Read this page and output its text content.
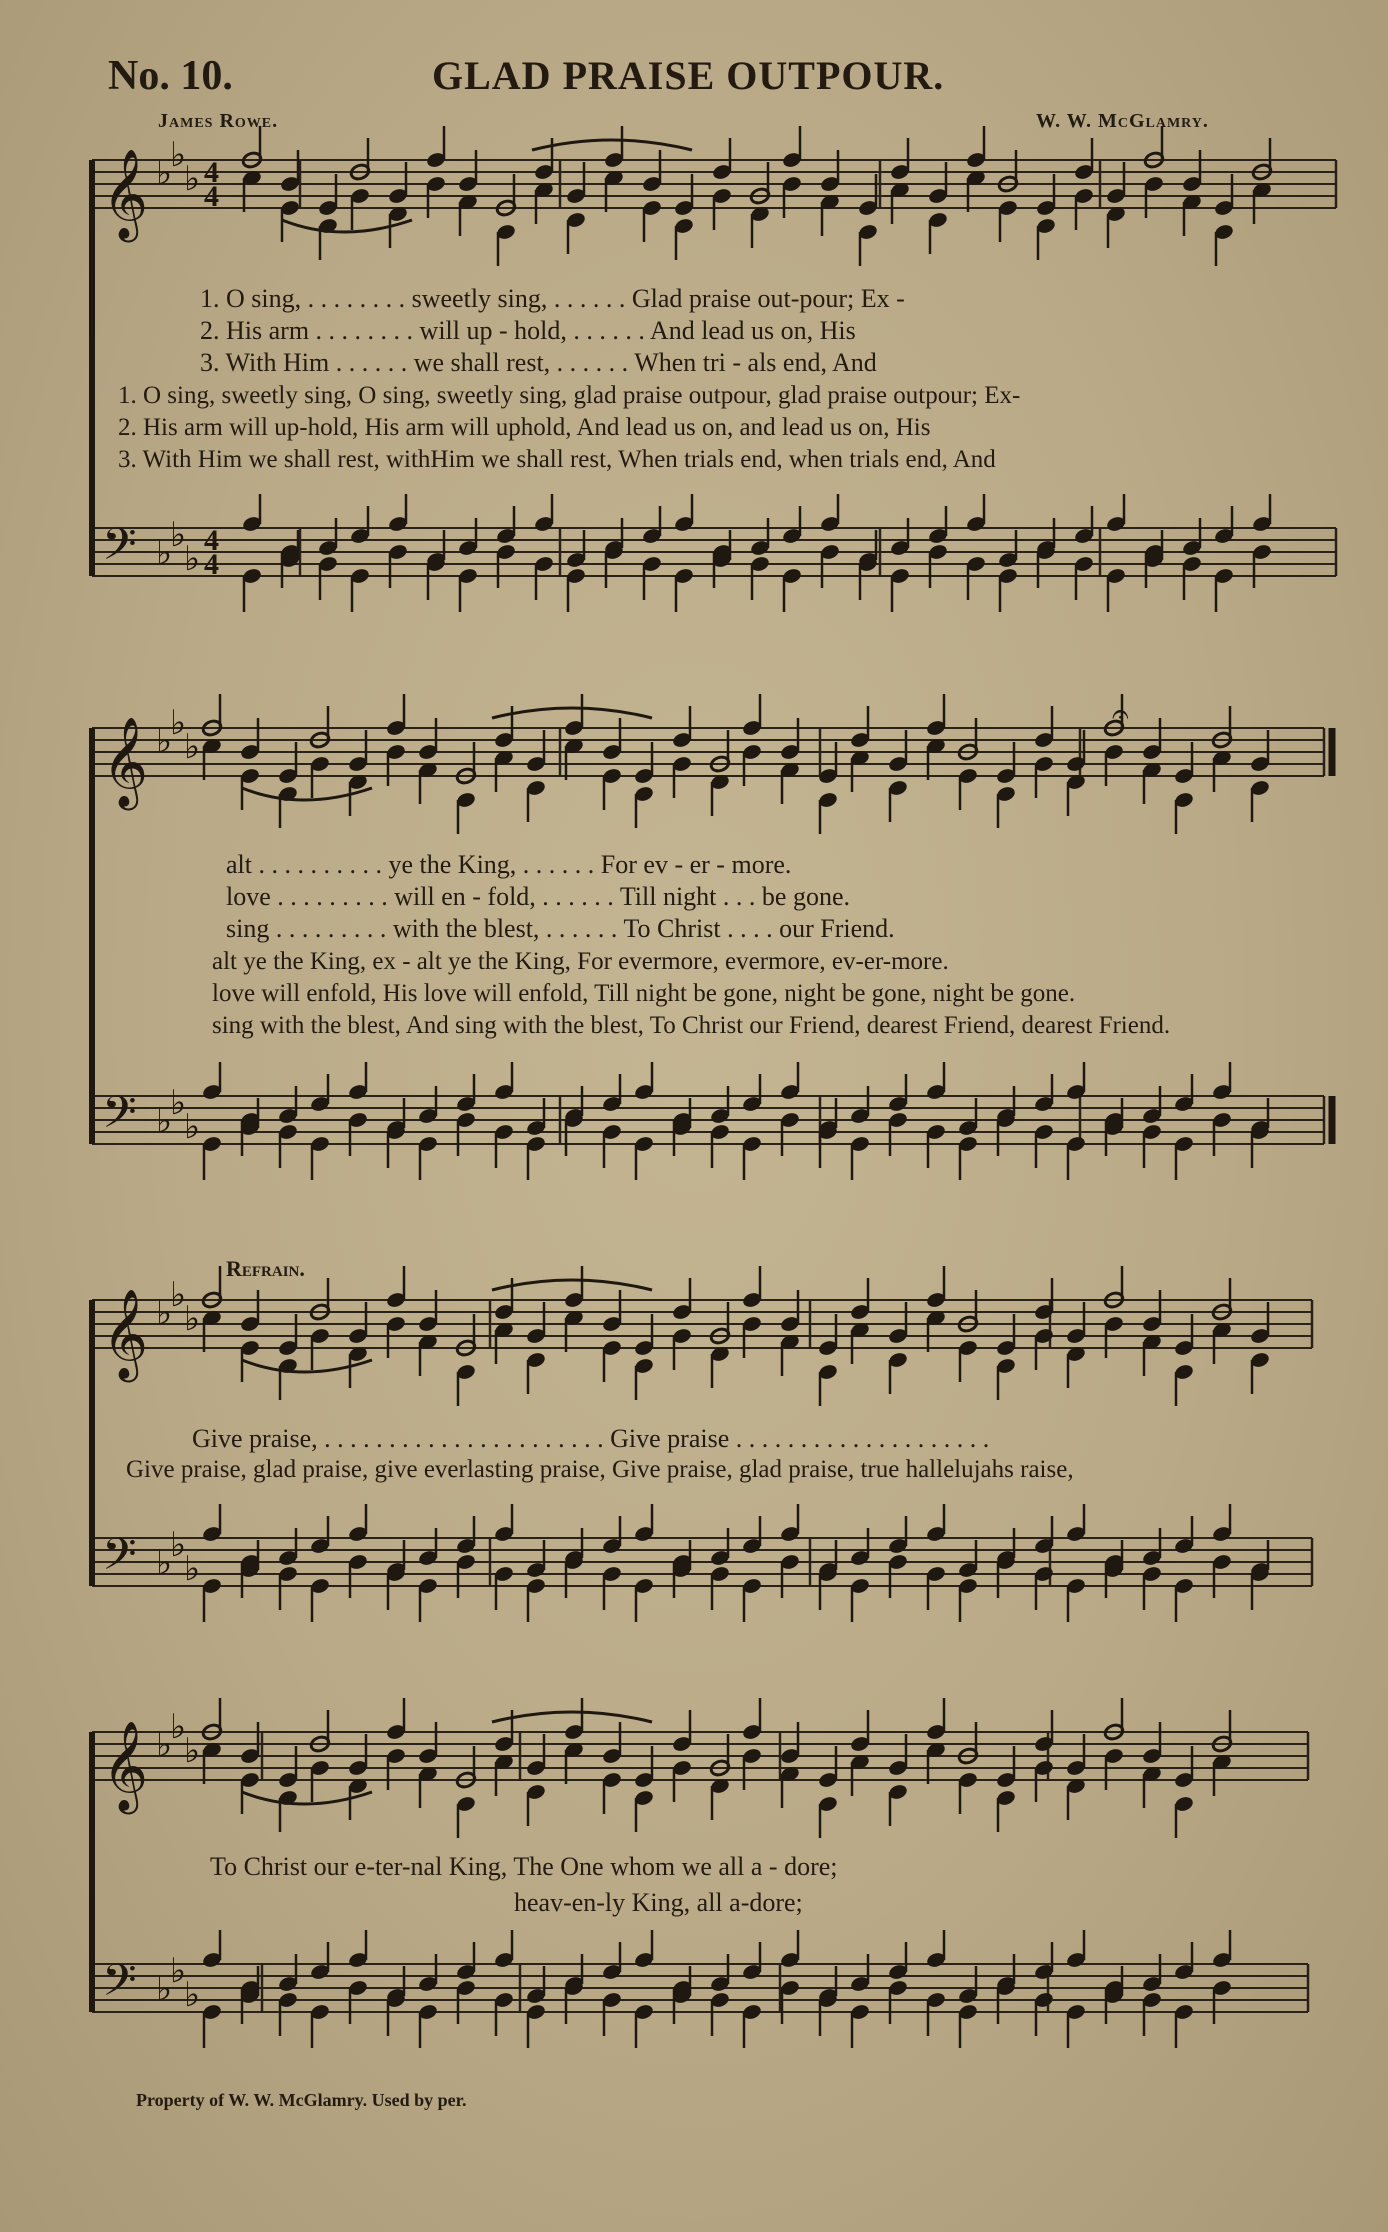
No. 10.	GLAD PRAISE OUTPOUR.
James Rowe.	W. W. McGlamry.
𝄞
𝄢
♭
♭
♭
♭
♭
♭
4
4
4
4
𝄞
𝄢
♭
♭
♭
♭
♭
♭
𝄞
𝄢
♭
♭
♭
♭
♭
♭
𝄞
𝄢
♭
♭
♭
♭
♭
♭
𝄐
1. O sing, . . . . . . . . sweetly sing, . . . . . . Glad praise out-pour; Ex -
2. His arm . . . . . . . . will up - hold, . . . . . . And lead us on, His
3. With Him . . . . . . we shall rest, . . . . . . When tri - als end, And
1. O sing, sweetly sing, O sing, sweetly sing, glad praise outpour, glad praise outpour; Ex-
2. His arm will up-hold, His arm will uphold, And lead us on, and lead us on, His
3. With Him we shall rest, withHim we shall rest, When trials end, when trials end, And
alt . . . . . . . . . . ye the King, . . . . . . For ev - er - more.
love . . . . . . . . . will en - fold, . . . . . . Till night . . . be gone.
sing . . . . . . . . . with the blest, . . . . . . To Christ . . . . our Friend.
alt ye the King, ex - alt ye the King, For evermore, evermore, ev-er-more.
love will enfold, His love will enfold, Till night be gone, night be gone, night be gone.
sing with the blest, And sing with the blest, To Christ our Friend, dearest Friend, dearest Friend.
Refrain.
Give praise, . . . . . . . . . . . . . . . . . . . . . . Give praise . . . . . . . . . . . . . . . . . . . .
Give praise, glad praise, give everlasting praise, Give praise, glad praise, true hallelujahs raise,
To Christ our e-ter-nal King, The One whom we all a - dore;
heav-en-ly King, all a-dore;
Property of W. W. McGlamry. Used by per.
